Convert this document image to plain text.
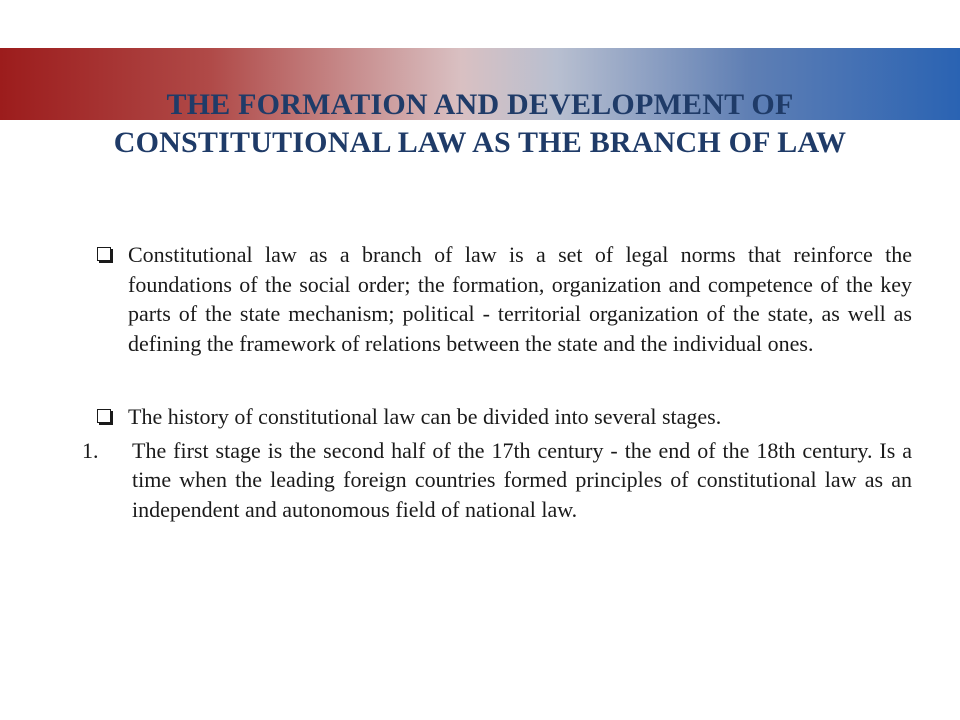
THE FORMATION AND DEVELOPMENT OF
CONSTITUTIONAL LAW AS THE BRANCH OF LAW
Constitutional law as a branch of law is a set of legal norms that reinforce the foundations of the social order; the formation, organization and competence of the key parts of the state mechanism; political - territorial organization of the state, as well as defining the framework of relations between the state and the individual ones.
The history of constitutional law can be divided into several stages.
1.	The first stage is the second half of the 17th century - the end of the 18th century. Is a time when the leading foreign countries formed principles of constitutional law as an independent and autonomous field of national law.
